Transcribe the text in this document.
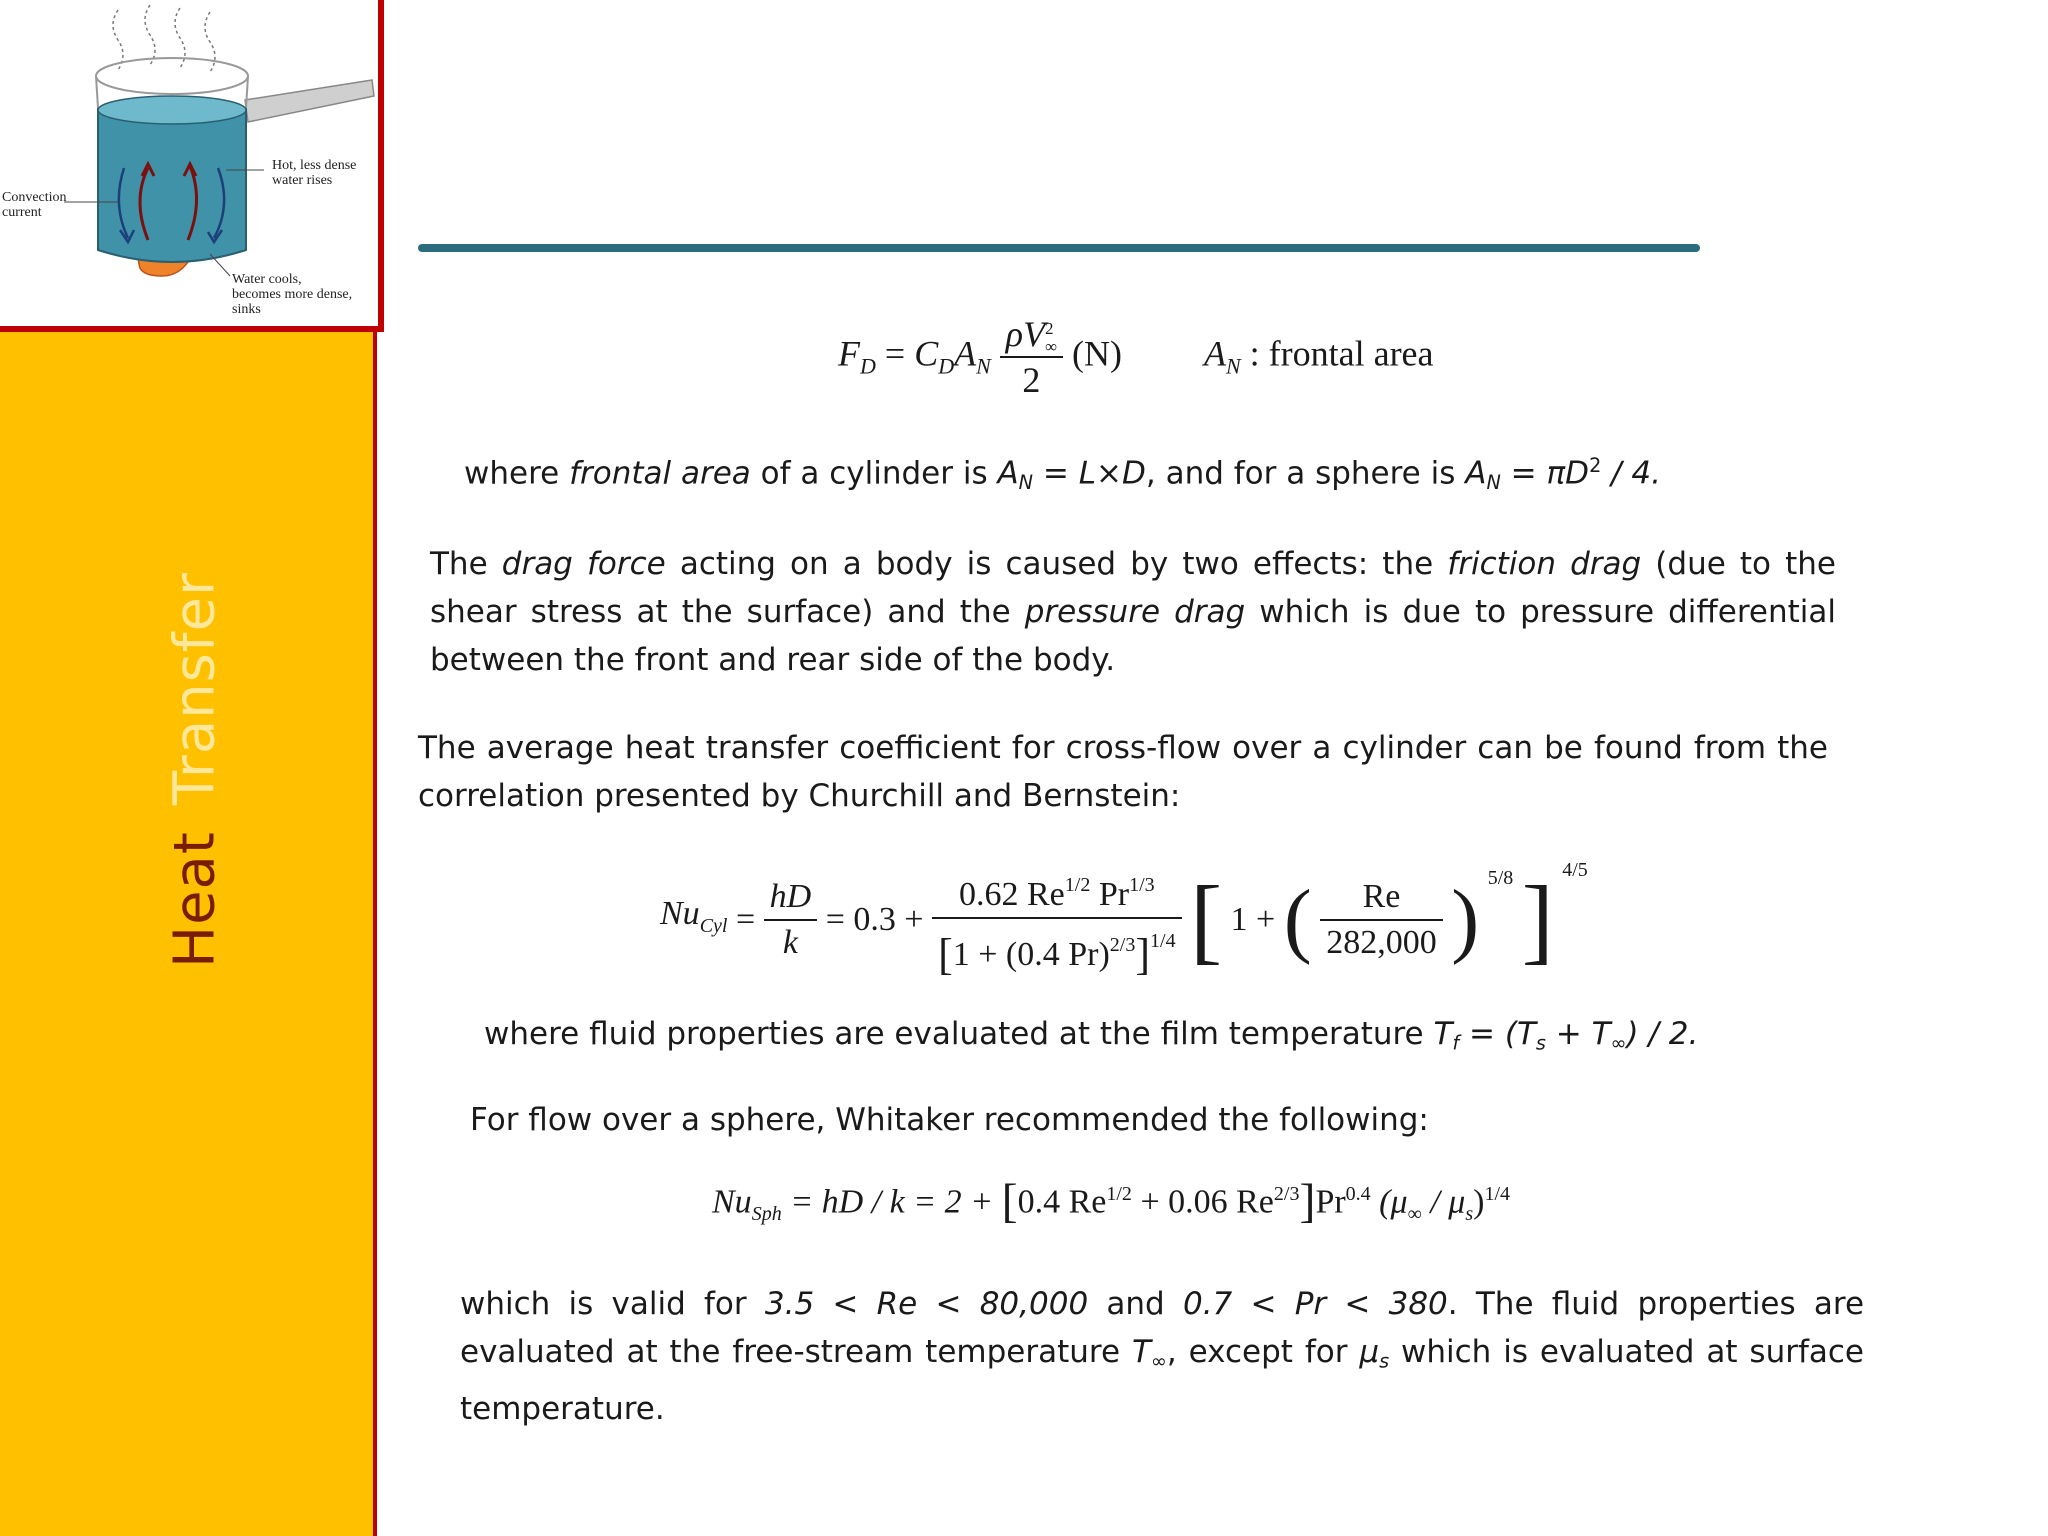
Convection
current
Hot, less dense
water rises
Water cools,
becomes more dense,
sinks
HeatTransfer
$F_D = C_DA_N$ ρV 2
∞
2 (N) $A_N$ : frontal area
where frontal area of a cylinder is $A_N = L\times D$, and for a sphere is $A_N = \pi D^2 / 4$.
The drag force acting on a body is caused by two effects: the friction drag (due to the shear stress at the surface) and the pressure drag which is due to pressure differential between the front and rear side of the body.
The average heat transfer coefficient for cross-flow over a cylinder can be found from the correlation presented by Churchill and Bernstein:
$Nu_{Cyl} = \frac{hD}{k} = 0.3 + \frac{0.62 Re^{1/2} Pr^{1/3}}{[1 + (0.4 Pr)^{2/3}]^{1/4}}$ [ 1 + ( $\frac{Re}{282,000}$ ) $^{5/8}$ ] $^{4/5}$
where fluid properties are evaluated at the film temperature $T_f = (T_s + T_\infty) / 2$.
For flow over a sphere, Whitaker recommended the following:
$Nu_{Sph}$ = hD / k = 2 + [0.4 $Re^{1/2} + 0.06$ $Re^{2/3}]Pr^{0.4}$ $(\mu_\infty / \mu_s)^{1/4}$
which is valid for 3.5 < Re < 80,000 and 0.7 < Pr < 380. The fluid properties are evaluated at the free-stream temperature $T_\infty$, except for $\mu_s$ which is evaluated at surface temperature.
